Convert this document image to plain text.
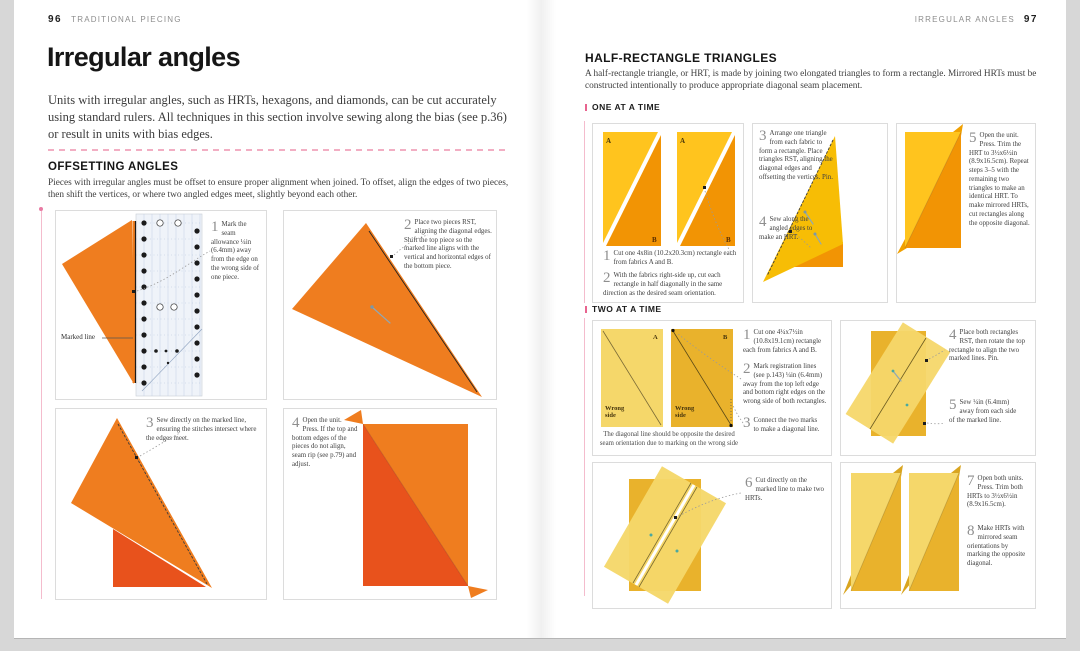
96 TRADITIONAL PIECING
Irregular angles
Units with irregular angles, such as HRTs, hexagons, and diamonds, can be cut accurately using standard rulers. All techniques in this section involve sewing along the bias (see p.36) or result in units with bias edges.
OFFSETTING ANGLES
Pieces with irregular angles must be offset to ensure proper alignment when joined. To offset, align the edges of two pieces, then shift the vertices, or where two angled edges meet, slightly beyond each other.
Marked line
1 Mark the seam allowance ¼in (6.4mm) away from the edge on the wrong side of one piece.
2 Place two pieces RST, aligning the diagonal edges. Shift the top piece so the marked line aligns with the vertical and horizontal edges of the bottom piece.
3 Sew directly on the marked line, ensuring the stitches intersect where the edges meet.
4 Open the unit. Press. If the top and bottom edges of the pieces do not align, seam rip (see p.79) and adjust.
IRREGULAR ANGLES 97
HALF-RECTANGLE TRIANGLES
A half-rectangle triangle, or HRT, is made by joining two elongated triangles to form a rectangle. Mirrored HRTs must be constructed intentionally to produce appropriate diagonal seam placement.
ONE AT A TIME
A
B
A
B
1 Cut one 4x8in (10.2x20.3cm) rectangle each from fabrics A and B.
2 With the fabrics right-side up, cut each rectangle in half diagonally in the same direction as the desired seam orientation.
3 Arrange one triangle from each fabric to form a rectangle. Place triangles RST, aligning the diagonal edges and offsetting the vertices. Pin.
4 Sew along the angled edges to make an HRT.
5 Open the unit. Press. Trim the HRT to 3½x6½in (8.9x16.5cm). Repeat steps 3–5 with the remaining two triangles to make an identical HRT. To make mirrored HRTs, cut rectangles along the opposite diagonal.
TWO AT A TIME
A	B
Wrong side
Wrong side
The diagonal line should be opposite the desired seam orientation due to marking on the wrong side
1 Cut one 4¼x7½in (10.8x19.1cm) rectangle each from fabrics A and B.
2 Mark registration lines (see p.143) ¼in (6.4mm) away from the top left edge and bottom right edges on the wrong side of both rectangles.
3 Connect the two marks to make a diagonal line.
4 Place both rectangles RST, then rotate the top rectangle to align the two marked lines. Pin.
5 Sew ¼in (6.4mm) away from each side of the marked line.
6 Cut directly on the marked line to make two HRTs.
7 Open both units. Press. Trim both HRTs to 3½x6½in (8.9x16.5cm).
8 Make HRTs with mirrored seam orientations by marking the opposite diagonal.
